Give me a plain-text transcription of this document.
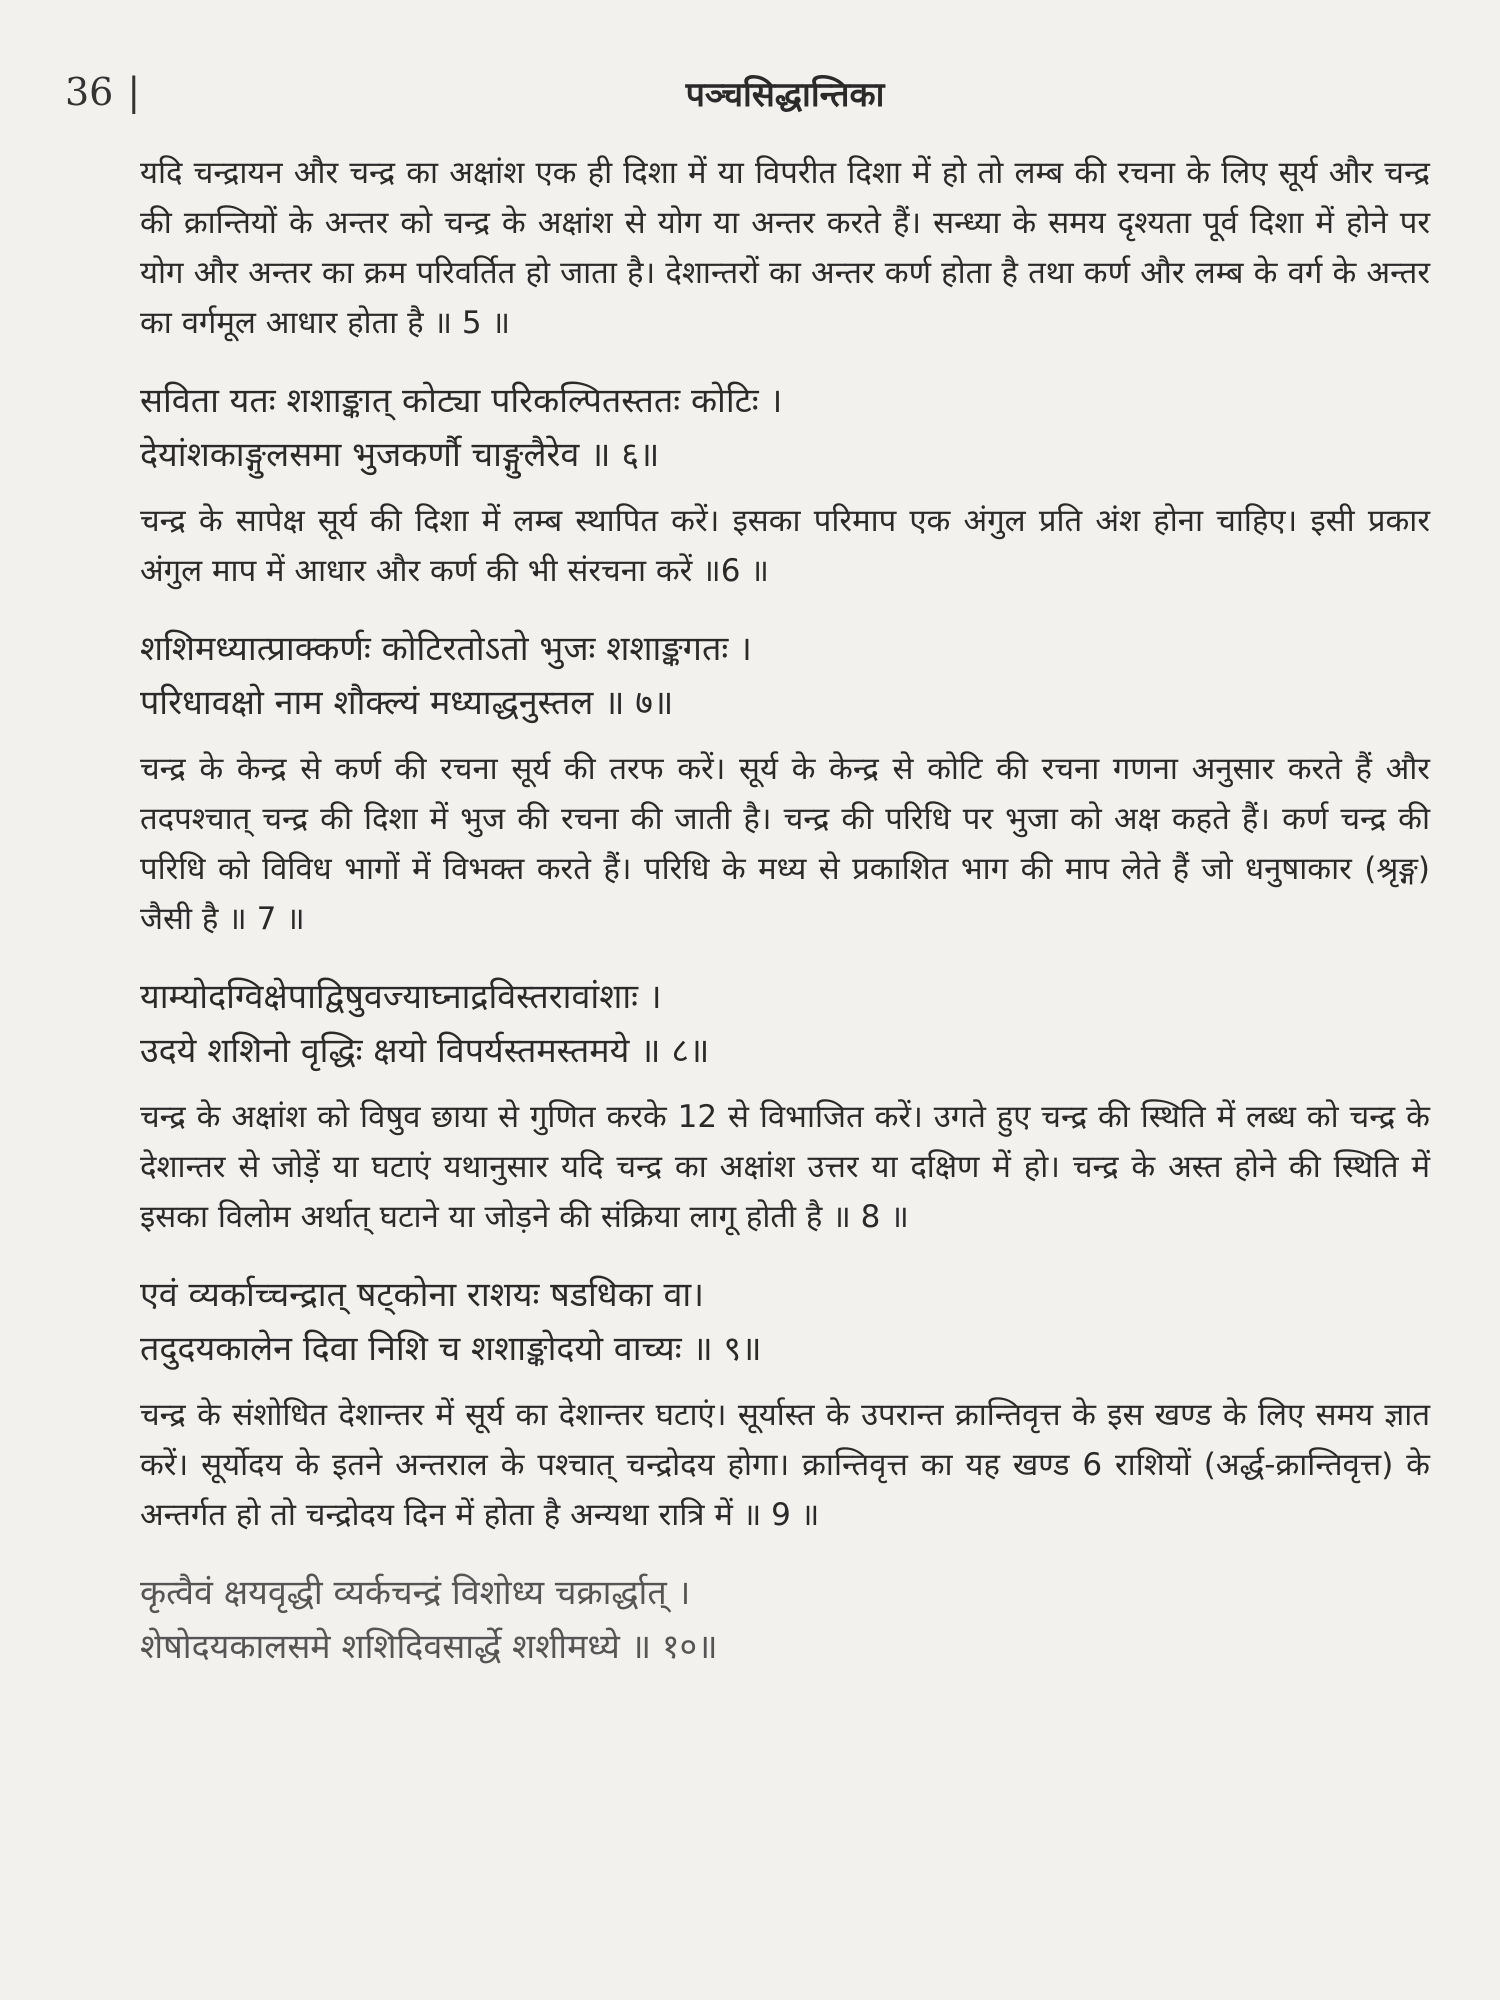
36 |	पञ्चसिद्धान्तिका

यदि चन्द्रायन और चन्द्र का अक्षांश एक ही दिशा में या विपरीत दिशा में हो तो लम्ब की रचना के लिए सूर्य और चन्द्र की क्रान्तियों के अन्तर को चन्द्र के अक्षांश से योग या अन्तर करते हैं। सन्ध्या के समय दृश्यता पूर्व दिशा में होने पर योग और अन्तर का क्रम परिवर्तित हो जाता है। देशान्तरों का अन्तर कर्ण होता है तथा कर्ण और लम्ब के वर्ग के अन्तर का वर्गमूल आधार होता है ॥ 5 ॥

सविता यतः शशाङ्कात् कोट्या परिकल्पितस्ततः कोटिः ।
देयांशकाङ्गुलसमा भुजकर्णौ चाङ्गुलैरेव ॥ ६॥

चन्द्र के सापेक्ष सूर्य की दिशा में लम्ब स्थापित करें। इसका परिमाप एक अंगुल प्रति अंश होना चाहिए। इसी प्रकार अंगुल माप में आधार और कर्ण की भी संरचना करें ॥6 ॥

शशिमध्यात्प्राक्कर्णः कोटिरतोऽतो भुजः शशाङ्कगतः ।
परिधावक्षो नाम शौक्ल्यं मध्याद्धनुस्तल ॥ ७॥

चन्द्र के केन्द्र से कर्ण की रचना सूर्य की तरफ करें। सूर्य के केन्द्र से कोटि की रचना गणना अनुसार करते हैं और तदपश्चात् चन्द्र की दिशा में भुज की रचना की जाती है। चन्द्र की परिधि पर भुजा को अक्ष कहते हैं। कर्ण चन्द्र की परिधि को विविध भागों में विभक्त करते हैं। परिधि के मध्य से प्रकाशित भाग की माप लेते हैं जो धनुषाकार (श्रृङ्ग) जैसी है ॥ 7 ॥

याम्योदग्विक्षेपाद्विषुवज्याघ्नाद्रविस्तरावांशाः ।
उदये शशिनो वृद्धिः क्षयो विपर्यस्तमस्तमये ॥ ८॥

चन्द्र के अक्षांश को विषुव छाया से गुणित करके 12 से विभाजित करें। उगते हुए चन्द्र की स्थिति में लब्ध को चन्द्र के देशान्तर से जोड़ें या घटाएं यथानुसार यदि चन्द्र का अक्षांश उत्तर या दक्षिण में हो। चन्द्र के अस्त होने की स्थिति में इसका विलोम अर्थात् घटाने या जोड़ने की संक्रिया लागू होती है ॥ 8 ॥

एवं व्यर्काच्चन्द्रात् षट्कोना राशयः षडधिका वा।
तदुदयकालेन दिवा निशि च शशाङ्कोदयो वाच्यः ॥ ९॥

चन्द्र के संशोधित देशान्तर में सूर्य का देशान्तर घटाएं। सूर्यास्त के उपरान्त क्रान्तिवृत्त के इस खण्ड के लिए समय ज्ञात करें। सूर्योदय के इतने अन्तराल के पश्चात् चन्द्रोदय होगा। क्रान्तिवृत्त का यह खण्ड 6 राशियों (अर्द्ध-क्रान्तिवृत्त) के अन्तर्गत हो तो चन्द्रोदय दिन में होता है अन्यथा रात्रि में ॥ 9 ॥

कृत्वैवं क्षयवृद्धी व्यर्कचन्द्रं विशोध्य चक्रार्द्धात् ।
शेषोदयकालसमे शशिदिवसार्द्धे शशीमध्ये ॥ १०॥
